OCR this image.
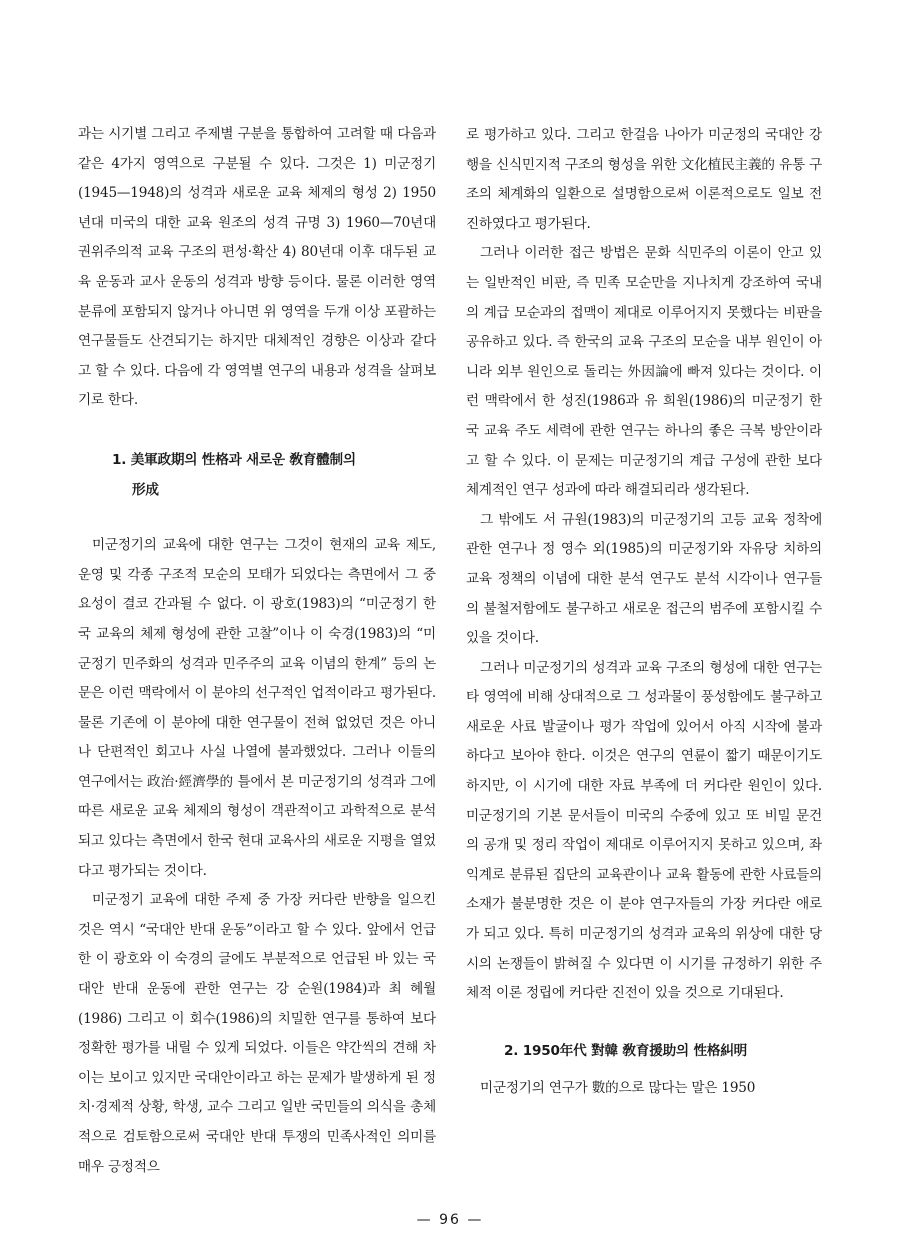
과는 시기별 그리고 주제별 구분을 통합하여 고려할 때 다음과 같은 4가지 영역으로 구분될 수 있다. 그것은 1) 미군정기(1945—1948)의 성격과 새로운 교육 체제의 형성 2) 1950년대 미국의 대한 교육 원조의 성격 규명 3) 1960—70년대 권위주의적 교육 구조의 편성·확산 4) 80년대 이후 대두된 교육 운동과 교사 운동의 성격과 방향 등이다. 물론 이러한 영역 분류에 포함되지 않거나 아니면 위 영역을 두개 이상 포괄하는 연구물들도 산견되기는 하지만 대체적인 경향은 이상과 같다고 할 수 있다. 다음에 각 영역별 연구의 내용과 성격을 살펴보기로 한다.

1. 美軍政期의 性格과 새로운 敎育體制의
形成

미군정기의 교육에 대한 연구는 그것이 현재의 교육 제도, 운영 및 각종 구조적 모순의 모태가 되었다는 측면에서 그 중요성이 결코 간과될 수 없다. 이 광호(1983)의 “미군정기 한국 교육의 체제 형성에 관한 고찰”이나 이 숙경(1983)의 “미군정기 민주화의 성격과 민주주의 교육 이념의 한계” 등의 논문은 이런 맥락에서 이 분야의 선구적인 업적이라고 평가된다. 물론 기존에 이 분야에 대한 연구물이 전혀 없었던 것은 아니나 단편적인 회고나 사실 나열에 불과했었다. 그러나 이들의 연구에서는 政治·經濟學的 틀에서 본 미군정기의 성격과 그에 따른 새로운 교육 체제의 형성이 객관적이고 과학적으로 분석되고 있다는 측면에서 한국 현대 교육사의 새로운 지평을 열었다고 평가되는 것이다.

미군정기 교육에 대한 주제 중 가장 커다란 반향을 일으킨 것은 역시 “국대안 반대 운동”이라고 할 수 있다. 앞에서 언급한 이 광호와 이 숙경의 글에도 부분적으로 언급된 바 있는 국대안 반대 운동에 관한 연구는 강 순원(1984)과 최 혜월(1986) 그리고 이 회수(1986)의 치밀한 연구를 통하여 보다 정확한 평가를 내릴 수 있게 되었다. 이들은 약간씩의 견해 차이는 보이고 있지만 국대안이라고 하는 문제가 발생하게 된 정치·경제적 상황, 학생, 교수 그리고 일반 국민들의 의식을 총체적으로 검토함으로써 국대안 반대 투쟁의 민족사적인 의미를 매우 긍정적으

로 평가하고 있다. 그리고 한걸음 나아가 미군정의 국대안 강행을 신식민지적 구조의 형성을 위한 文化植民主義的 유통 구조의 체계화의 일환으로 설명함으로써 이론적으로도 일보 전진하였다고 평가된다.

그러나 이러한 접근 방법은 문화 식민주의 이론이 안고 있는 일반적인 비판, 즉 민족 모순만을 지나치게 강조하여 국내의 계급 모순과의 접맥이 제대로 이루어지지 못했다는 비판을 공유하고 있다. 즉 한국의 교육 구조의 모순을 내부 원인이 아니라 외부 원인으로 돌리는 外因論에 빠져 있다는 것이다. 이런 맥락에서 한 성진(1986과 유 희원(1986)의 미군정기 한국 교육 주도 세력에 관한 연구는 하나의 좋은 극복 방안이라고 할 수 있다. 이 문제는 미군정기의 계급 구성에 관한 보다 체계적인 연구 성과에 따라 해결되리라 생각된다.

그 밖에도 서 규원(1983)의 미군정기의 고등 교육 정착에 관한 연구나 정 영수 외(1985)의 미군정기와 자유당 치하의 교육 정책의 이념에 대한 분석 연구도 분석 시각이나 연구들의 불철저함에도 불구하고 새로운 접근의 범주에 포함시킬 수 있을 것이다.

그러나 미군정기의 성격과 교육 구조의 형성에 대한 연구는 타 영역에 비해 상대적으로 그 성과물이 풍성함에도 불구하고 새로운 사료 발굴이나 평가 작업에 있어서 아직 시작에 불과하다고 보아야 한다. 이것은 연구의 연륜이 짧기 때문이기도 하지만, 이 시기에 대한 자료 부족에 더 커다란 원인이 있다. 미군정기의 기본 문서들이 미국의 수중에 있고 또 비밀 문건의 공개 및 정리 작업이 제대로 이루어지지 못하고 있으며, 좌익계로 분류된 집단의 교육관이나 교육 활동에 관한 사료들의 소재가 불분명한 것은 이 분야 연구자들의 가장 커다란 애로가 되고 있다. 특히 미군정기의 성격과 교육의 위상에 대한 당시의 논쟁들이 밝혀질 수 있다면 이 시기를 규정하기 위한 주체적 이론 정립에 커다란 진전이 있을 것으로 기대된다.

2. 1950年代 對韓 敎育援助의 性格糾明

미군정기의 연구가 數的으로 많다는 말은 1950

— 96 —
